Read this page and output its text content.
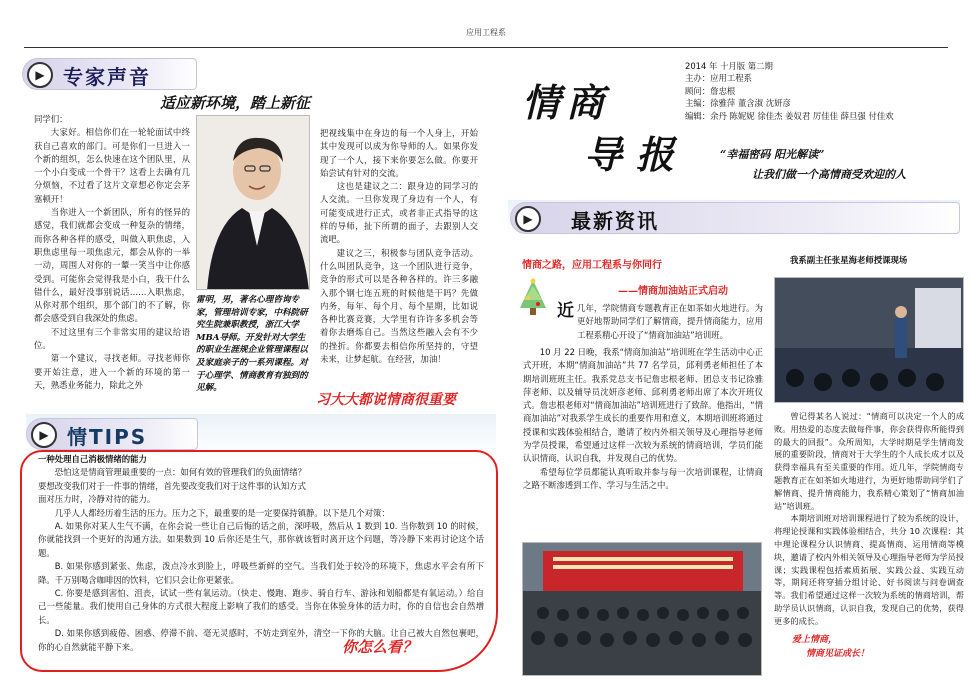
应用工程系
▶ 专家声音
适应新环境，踏上新征

同学们：

大家好。相信你们在一轮轮面试中终获自己喜欢的部门。可是你们一旦进入一个新的组织，怎么快速在这个团队里，从一个小白变成一个骨干？这看上去确有几分烦恼，不过看了这片文章想必你定会茅塞顿开！

当你进入一个新团队，所有的怪异的感觉，我们就都会变成一种复杂的情绪，而你各种各样的感受，叫做入职焦虑，入职焦虑里每一项焦虑元，都会从你的一举一动，周围人对你的一颦一笑当中让你感受到。可能你会觉得我是小白，我干什么错什么，最好没事别说话……入职焦虑，从你对那个组织，那个部门的不了解，你都会感受到自我深处的焦虑。

不过这里有三个非常实用的建议给语位。

第一个建议，寻找老师。寻找老师你要开始注意，进入一个新的环境的第一天，熟悉业务能力，除此之外

雷明，男，著名心理咨询专家，管理培训专家，中科院研究生院兼职教授，浙江大学MBA导师。开发针对大学生的职业生涯规企业管理课程以及家庭亲子的一系列课程。对于心理学、情商教育有独到的见解。

把视线集中在身边的每一个人身上，开始其中发现可以成为你导师的人。如果你发现了一个人，接下来你要怎么做。你要开始尝试有针对的交流。

这也是建议之二：跟身边的同学习的人交流。一旦你发现了身边有一个人，有可能变成进行正式，或者非正式指导的这样的导师，扯下所谓的面子，去跟别人交流吧。

建议之三，积极参与团队竞争活动。什么叫团队竞争，这一个团队进行竞争，竞争的形式可以是各种各样的。许三多融入那个钢七连五班的时候他是干吗？先做内务，每年、每个月、每个星期，比如说各种比赛竞赛，大学里有许许多多机会等着你去磨炼自己。当然这些融入会有不少的挫折。你都要去相信你所坚持的，守望未来，让梦起航。在经营，加油！

习大大都说情商很重要
▶ 情TIPS

一种处理自己消极情绪的能力

恐怕这是情商管理最重要的一点：如何有效的管理我们的负面情绪？

要想改变我们对于一件事的情绪，首先要改变我们对于这件事的认知方式

面对压力时，冷静对待的能力。

几乎人人都经历着生活的压力。压力之下，最重要的是一定要保持镇静。以下是几个对策：

A. 如果你对某人生气不满，在你会说一些让自己后悔的话之前，深呼吸，然后从 1 数到 10. 当你数到 10 的时候，你就能找到一个更好的沟通方法。如果数到 10 后你还是生气，那你就该暂时离开这个问题，等冷静下来再讨论这个话题。

B. 如果你感到紧张、焦虑，泼点冷水到脸上，呼吸些新鲜的空气。当我们处于较冷的环境下，焦虑水平会有所下降。千万别喝含咖啡因的饮料，它们只会让你更紧张。

C. 你要是感到害怕、沮丧，试试一些有氧运动。（快走、慢跑、跑步、骑自行车、游泳和划船都是有氧运动。）给自己一些能量。我们使用自己身体的方式很大程度上影响了我们的感受。当你在体验身体的活力时，你的自信也会自然增长。

D. 如果你感到疲倦、困惑、停滞不前、毫无灵感时，不妨走到室外，清空一下你的大脑。让自己被大自然包裹吧，你的心自然就能平静下来。	你怎么看？
情商
导报

2014 年 十月版 第二期

主办：应用工程系

顾问：詹忠根

主编：徐雅萍 董含淑 沈妍彦

编辑：余丹 陈妮妮 徐佳杰 姜奴君 厉佳佳 薛旦强 付佳欢

“幸福密码 阳光解读”
让我们做一个高情商受欢迎的人
▶	最新资讯
情商之路，应用工程系与你同行
——情商加油站正式启动
近 几年，学院情商专题教育正在如茶如火地进行。为更好地帮助同学们了解情商，提升情商能力，应用工程系精心开设了“情商加油站”培训班。

10 月 22 日晚，我系“情商加油站”培训班在学生活动中心正式开班，本期“情商加油站”共 77 名学员，邱利勇老师担任了本期培训班班主任。我系党总支书记詹忠根老师、团总支书记徐雅萍老师、以及辅导员沈妍彦老师、邱利勇老师出席了本次开班仪式。詹忠根老师对“情商加油站”培训班进行了致辞。他指出，“情商加油站”对我系学生成长的重要作用和意义，本期培训班将通过授课和实践体验相结合，邀请了校内外相关领导及心理指导老师为学员授课，希望通过这样一次较为系统的情商培训，学员们能认识情商，认识自我，并发现自己的优势。

希望每位学员都能认真听取并参与每一次培训课程，让情商之路不断渗透到工作、学习与生活之中。

我系副主任张星海老师授课现场

曾记得某名人说过：“情商可以决定一个人的成败。用热爱的态度去做每件事，你会获得你所能得到的最大的回报”。众所周知，大学时期是学生情商发展的重要阶段，情商对于大学生的个人成长成才以及获得幸福具有至关重要的作用。近几年，学院情商专题教育正在如茶如火地进行，为更好地帮助同学们了解情商、提升情商能力，我系精心策划了“情商加油站”培训班。

本期培训班对培训课程进行了较为系统的设计，将理论授课和实践体验相结合，共分 10 次课程：其中理论课程分认识情商、提高情商、运用情商等模块，邀请了校内外相关领导及心理指导老师为学员授课；实践课程包括素质拓展、实践公益、实践互动等，期间还将穿插分组讨论、好书阅读与问卷调查等。我们希望通过这样一次较为系统的情商培训，帮助学员认识情商，认识自我，发现自己的优势，获得更多的成长。

爱上情商，
情商见证成长！
